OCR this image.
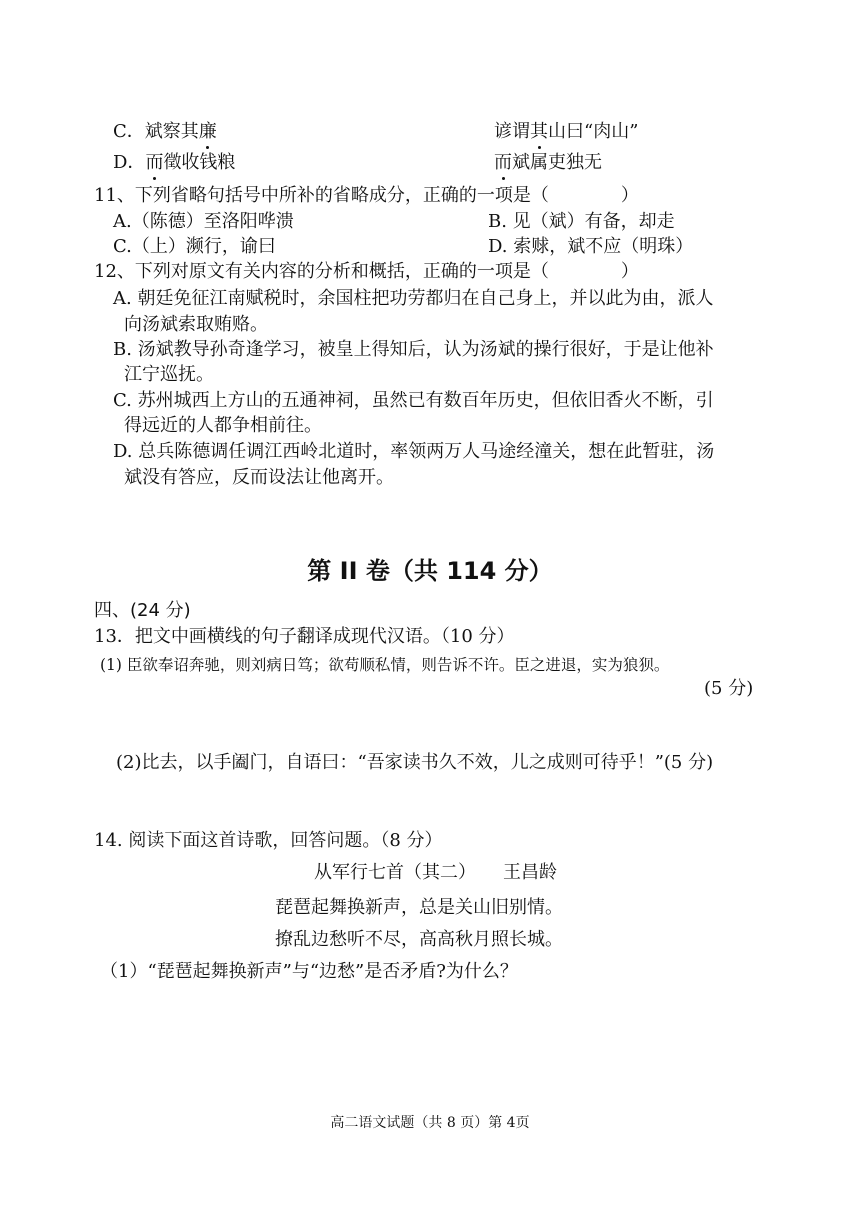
C．斌察其廉	谚谓其山曰“肉山”
D．而徵收钱粮	而斌属吏独无
11、下列省略句括号中所补的省略成分，正确的一项是（　　　　）
A.（陈德）至洛阳哗溃	B. 见（斌）有备，却走
C.（上）濒行，谕曰	D. 索赇，斌不应（明珠）
12、下列对原文有关内容的分析和概括，正确的一项是（　　　　）
A. 朝廷免征江南赋税时，余国柱把功劳都归在自己身上，并以此为由，派人
向汤斌索取贿赂。
B. 汤斌教导孙奇逢学习，被皇上得知后，认为汤斌的操行很好，于是让他补
江宁巡抚。
C. 苏州城西上方山的五通神祠，虽然已有数百年历史，但依旧香火不断，引
得远近的人都争相前往。
D. 总兵陈德调任调江西岭北道时，率领两万人马途经潼关，想在此暂驻，汤
斌没有答应，反而设法让他离开。
第 II 卷（共 114 分）
四、(24 分)
13．把文中画横线的句子翻译成现代汉语。（10 分）
(1) 臣欲奉诏奔驰，则刘病日笃；欲苟顺私情，则告诉不许。臣之进退，实为狼狈。
(5 分)
(2)比去，以手阖门，自语曰：“吾家读书久不效，儿之成则可待乎！”(5 分)
14. 阅读下面这首诗歌，回答问题。（8 分）
从军行七首（其二）　　王昌龄
琵琶起舞换新声，总是关山旧别情。
撩乱边愁听不尽，高高秋月照长城。
（1）“琵琶起舞换新声”与“边愁”是否矛盾?为什么？
高二语文试题（共 8 页）第 4页
